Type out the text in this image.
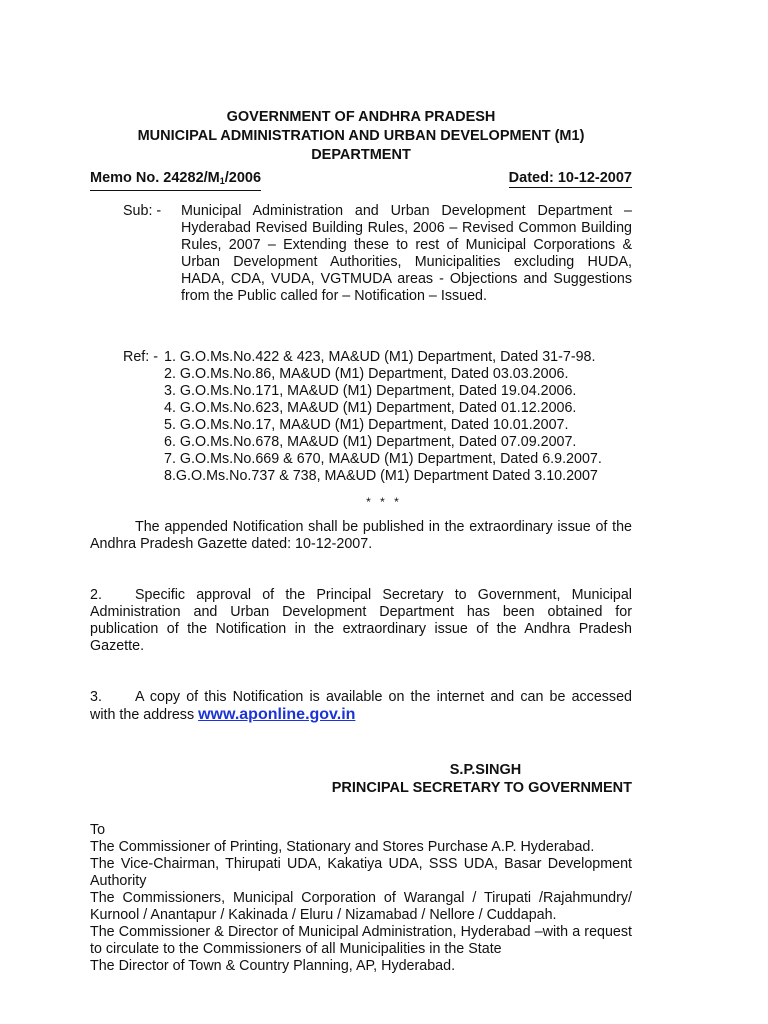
GOVERNMENT OF ANDHRA PRADESH
MUNICIPAL ADMINISTRATION AND URBAN DEVELOPMENT (M1)
DEPARTMENT
Memo No. $24282/M_1/2006$	Dated: 10-12-2007
Sub: - Municipal Administration and Urban Development Department – Hyderabad Revised Building Rules, 2006 – Revised Common Building Rules, 2007 – Extending these to rest of Municipal Corporations & Urban Development Authorities, Municipalities excluding HUDA, HADA, CDA, VUDA, VGTMUDA areas - Objections and Suggestions from the Public called for – Notification – Issued.
Ref: - 1. G.O.Ms.No.422 & 423, MA&UD (M1) Department, Dated 31-7-98.
2. G.O.Ms.No.86, MA&UD (M1) Department, Dated 03.03.2006.
3. G.O.Ms.No.171, MA&UD (M1) Department, Dated 19.04.2006.
4. G.O.Ms.No.623, MA&UD (M1) Department, Dated 01.12.2006.
5. G.O.Ms.No.17, MA&UD (M1) Department, Dated 10.01.2007.
6. G.O.Ms.No.678, MA&UD (M1) Department, Dated 07.09.2007.
7. G.O.Ms.No.669 & 670, MA&UD (M1) Department, Dated 6.9.2007.
8.G.O.Ms.No.737 & 738, MA&UD (M1) Department Dated 3.10.2007
* * *
The appended Notification shall be published in the extraordinary issue of the Andhra Pradesh Gazette dated: 10-12-2007.
2. Specific approval of the Principal Secretary to Government, Municipal Administration and Urban Development Department has been obtained for publication of the Notification in the extraordinary issue of the Andhra Pradesh Gazette.
3. A copy of this Notification is available on the internet and can be accessed with the address www.aponline.gov.in
S.P.SINGH
PRINCIPAL SECRETARY TO GOVERNMENT
To
The Commissioner of Printing, Stationary and Stores Purchase A.P. Hyderabad.
The Vice-Chairman, Thirupati UDA, Kakatiya UDA, SSS UDA, Basar Development Authority
The Commissioners, Municipal Corporation of Warangal / Tirupati /Rajahmundry/ Kurnool / Anantapur / Kakinada / Eluru / Nizamabad / Nellore / Cuddapah.
The Commissioner & Director of Municipal Administration, Hyderabad –with a request to circulate to the Commissioners of all Municipalities in the State
The Director of Town & Country Planning, AP, Hyderabad.
